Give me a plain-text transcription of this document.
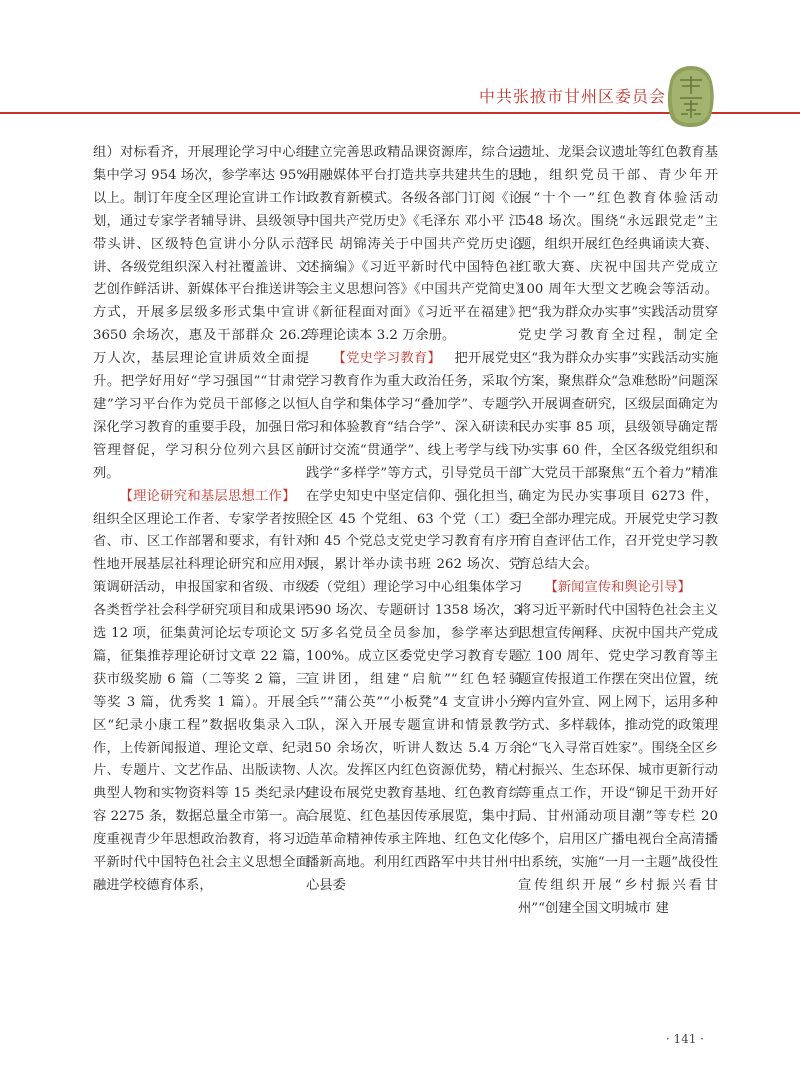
中共张掖市甘州区委员会

组）对标看齐，开展理论学习中心组集中学习 954 场次，参学率达 95% 以上。制订年度全区理论宣讲工作计划，通过专家学者辅导讲、县级领导带头讲、区级特色宣讲小分队示范讲、各级党组织深入村社覆盖讲、文艺创作鲜活讲、新媒体平台推送讲等方式，开展多层级多形式集中宣讲 3650 余场次，惠及干部群众 26.2 万人次，基层理论宣讲质效全面提升。把学好用好“学习强国”“甘肃党建”学习平台作为党员干部修之以恒深化学习教育的重要手段，加强日常管理督促，学习积分位列六县区前列。

【理论研究和基层思想工作】 组织全区理论工作者、专家学者按照省、市、区工作部署和要求，有针对性地开展基层社科理论研究和应用对策调研活动，申报国家和省级、市级各类哲学社会科学研究项目和成果评选 12 项，征集黄河论坛专项论文 5 篇，征集推荐理论研讨文章 22 篇，获市级奖励 6 篇（二等奖 2 篇，三等奖 3 篇，优秀奖 1 篇）。开展全区“纪录小康工程”数据收集录入工作，上传新闻报道、理论文章、纪录片、专题片、文艺作品、出版读物、典型人物和实物资料等 15 类纪录内容 2275 条，数据总量全市第一。高度重视青少年思想政治教育，将习近平新时代中国特色社会主义思想全面融进学校德育体系，

建立完善思政精品课资源库，综合运用融媒体平台打造共享共建共生的思政教育新模式。各级各部门订阅《论中国共产党历史》《毛泽东 邓小平 江泽民 胡锦涛关于中国共产党历史论述摘编》《习近平新时代中国特色社会主义思想问答》《中国共产党简史》《新征程面对面》《习近平在福建》等理论读本 3.2 万余册。

【党史学习教育】  把开展党史学习教育作为重大政治任务，采取个人自学和集体学习“叠加学”、专题学习和体验教育“结合学”、深入研读和研讨交流“贯通学”、线上考学与线下践学“多样学”等方式，引导党员干部在学史知史中坚定信仰、强化担当，全区 45 个党组、63 个党（工）委和 45 个党总支党史学习教育有序开展，累计举办读书班 262 场次、党委（党组）理论学习中心组集体学习 590 场次、专题研讨 1358 场次，3 万多名党员全员参加，参学率达到 100%。成立区委党史学习教育专题宣讲团，组建“启航”“红色轻骑兵”“蒲公英”“小板凳”4 支宣讲小分队，深入开展专题宣讲和情景教学 150 余场次，听讲人数达 5.4 万余人次。发挥区内红色资源优势，精心建设布展党史教育基地、红色教育综合展览、红色基因传承展览，集中打造革命精神传承主阵地、红色文化传播新高地。利用红西路军中共甘州中心县委

遗址、龙渠会议遗址等红色教育基地，组织党员干部、青少年开展“十个一”红色教育体验活动 548 场次。围绕“永远跟党走”主题，组织开展红色经典诵读大赛、红歌大赛、庆祝中国共产党成立 100 周年大型文艺晚会等活动。把“我为群众办实事”实践活动贯穿党史学习教育全过程，制定全区“我为群众办实事”实践活动实施方案，聚焦群众“急难愁盼”问题深入开展调查研究，区级层面确定为民办实事 85 项，县级领导确定帮办实事 60 件，全区各级党组织和广大党员干部聚焦“五个着力”精准确定为民办实事项目 6273 件，已全部办理完成。开展党史学习教育自查评估工作，召开党史学习教育总结大会。

【新闻宣传和舆论引导】

将习近平新时代中国特色社会主义思想宣传阐释、庆祝中国共产党成立 100 周年、党史学习教育等主题宣传报道工作摆在突出位置，统筹内宣外宣、网上网下，运用多种方式、多样载体，推动党的政策理论“飞入寻常百姓家”。围绕全区乡村振兴、生态环保、城市更新行动等重点工作，开设“铆足干劲开好局、甘州涌动项目潮”等专栏 20 多个，启用区广播电视台全高清播出系统，实施“一月一主题”战役性宣传组织开展“乡村振兴看甘州”“创建全国文明城市 建

· 141 ·
